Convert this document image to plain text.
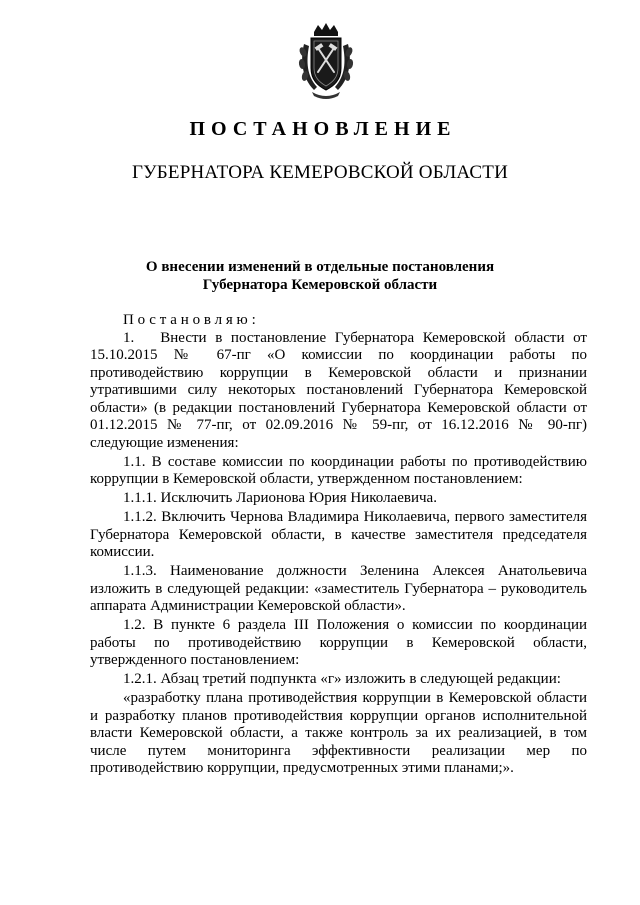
ПОСТАНОВЛЕНИЕ
ГУБЕРНАТОРА КЕМЕРОВСКОЙ ОБЛАСТИ
О внесении изменений в отдельные постановления
Губернатора Кемеровской области

Постановляю:

1. Внести в постановление Губернатора Кемеровской области от 15.10.2015 № 67-пг «О комиссии по координации работы по противодействию коррупции в Кемеровской области и признании утратившими силу некоторых постановлений Губернатора Кемеровской области» (в редакции постановлений Губернатора Кемеровской области от 01.12.2015 № 77-пг, от 02.09.2016 № 59-пг, от 16.12.2016 № 90-пг) следующие изменения:

1.1. В составе комиссии по координации работы по противодействию коррупции в Кемеровской области, утвержденном постановлением:

1.1.1. Исключить Ларионова Юрия Николаевича.

1.1.2. Включить Чернова Владимира Николаевича, первого заместителя Губернатора Кемеровской области, в качестве заместителя председателя комиссии.

1.1.3. Наименование должности Зеленина Алексея Анатольевича изложить в следующей редакции: «заместитель Губернатора – руководитель аппарата Администрации Кемеровской области».

1.2. В пункте 6 раздела III Положения о комиссии по координации работы по противодействию коррупции в Кемеровской области, утвержденного постановлением:

1.2.1. Абзац третий подпункта «г» изложить в следующей редакции:

«разработку плана противодействия коррупции в Кемеровской области и разработку планов противодействия коррупции органов исполнительной власти Кемеровской области, а также контроль за их реализацией, в том числе путем мониторинга эффективности реализации мер по противодействию коррупции, предусмотренных этими планами;».
